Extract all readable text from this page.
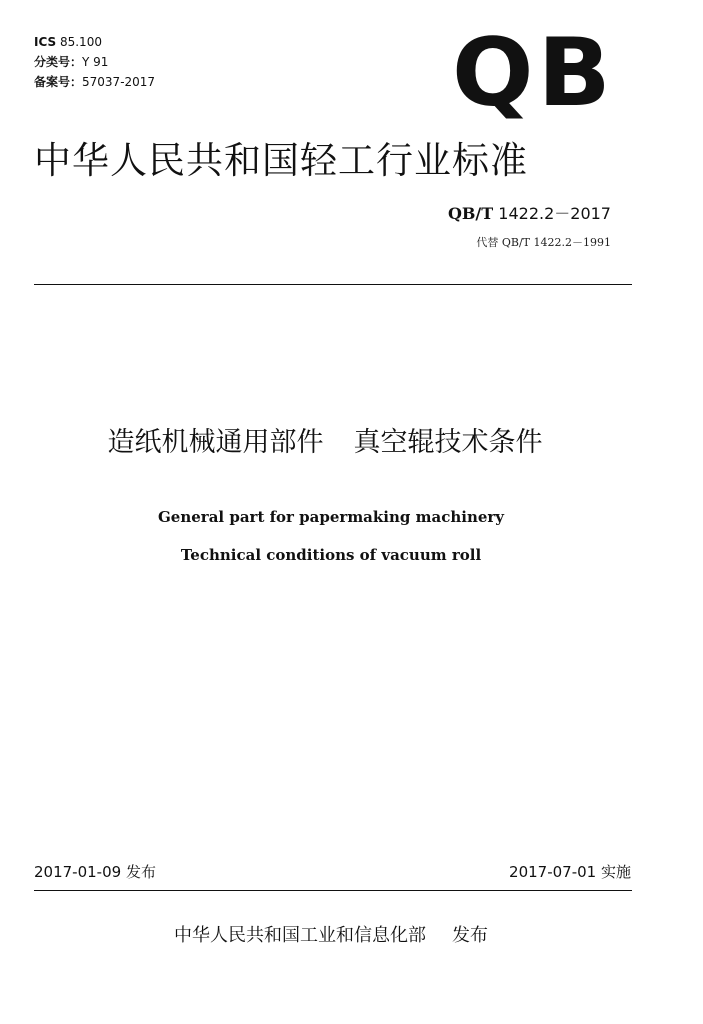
ICS 85.100
分类号：Y 91
备案号：57037-2017	QB
中华人民共和国轻工行业标准
QB/T 1422.2－2017
代替 QB/T 1422.2－1991
造纸机械通用部件 真空辊技术条件
General part for papermaking machinery
Technical conditions of vacuum roll
2017-01-09 发布	2017-07-01 实施
中华人民共和国工业和信息化部 发布
